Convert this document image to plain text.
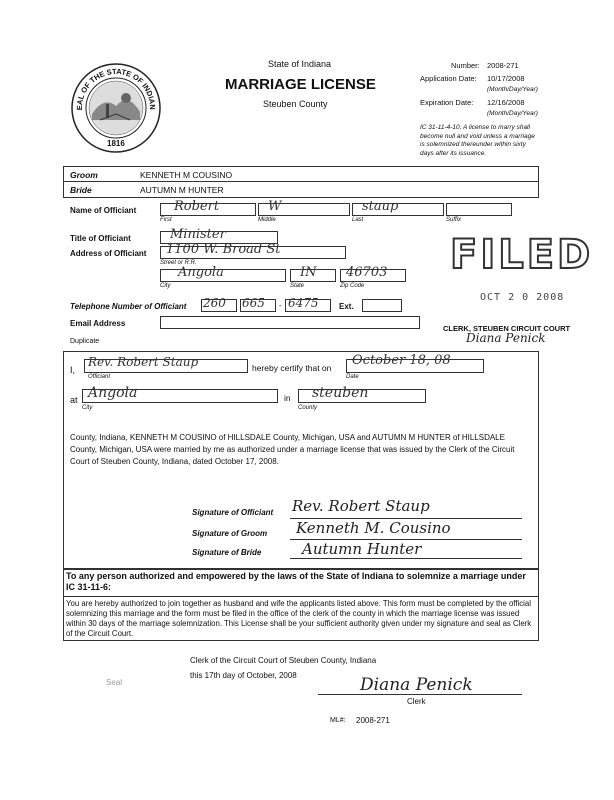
EAL OF THE STATE OF INDIAN
1816
State of Indiana
MARRIAGE LICENSE
Steuben County
Number: 2008-271
Application Date: 10/17/2008
(Month/Day/Year)
Expiration Date: 12/16/2008
(Month/Day/Year)
IC 31-11-4-10, A license to marry shall become null and void unless a marriage is solemnized thereunder within sixty days after its issuance.
Groom	KENNETH M COUSINO
Bride	AUTUMN M HUNTER
Name of Officiant	Robert	W	staup
First	Middle	Last	Suffix
Title of Officiant	Minister
Address of Officiant 1100 W. Broad St
Street or R.R.
Angola	IN 46703
City	State	Zip Code
Telephone Number of Officiant	-
260 665 6475	Ext.
Email Address
Duplicate
FILED
OCT 2 0 2008
CLERK, STEUBEN CIRCUIT COURT
Diana Penick
I,
Rev. Robert Staup
Officiant
hereby certify that on October 18, 08
Date
at Angola
City
in steuben
County
County, Indiana, KENNETH M COUSINO of HILLSDALE County, Michigan, USA and AUTUMN M HUNTER of HILLSDALE County, Michigan, USA were married by me as authorized under a marriage license that was issued by the Clerk of the Circuit Court of Steuben County, Indiana, dated October 17, 2008.
Signature of Officiant Rev. Robert Staup
Signature of Groom Kenneth M. Cousino
Signature of Bride	Autumn Hunter
To any person authorized and empowered by the laws of the State of Indiana to solemnize a marriage under IC 31-11-6:
You are hereby authorized to join together as husband and wife the applicants listed above. This form must be completed by the official solemnizing this marriage and the form must be filed in the office of the clerk of the county in which the marriage license was issued within 30 days of the marriage solemnization. This License shall be your sufficient authority given under my signature and seal as Clerk of the Circuit Court.
Clerk of the Circuit Court of Steuben County, Indiana
this 17th day of October, 2008
Seal	Diana Penick
Clerk
ML#: 2008-271
